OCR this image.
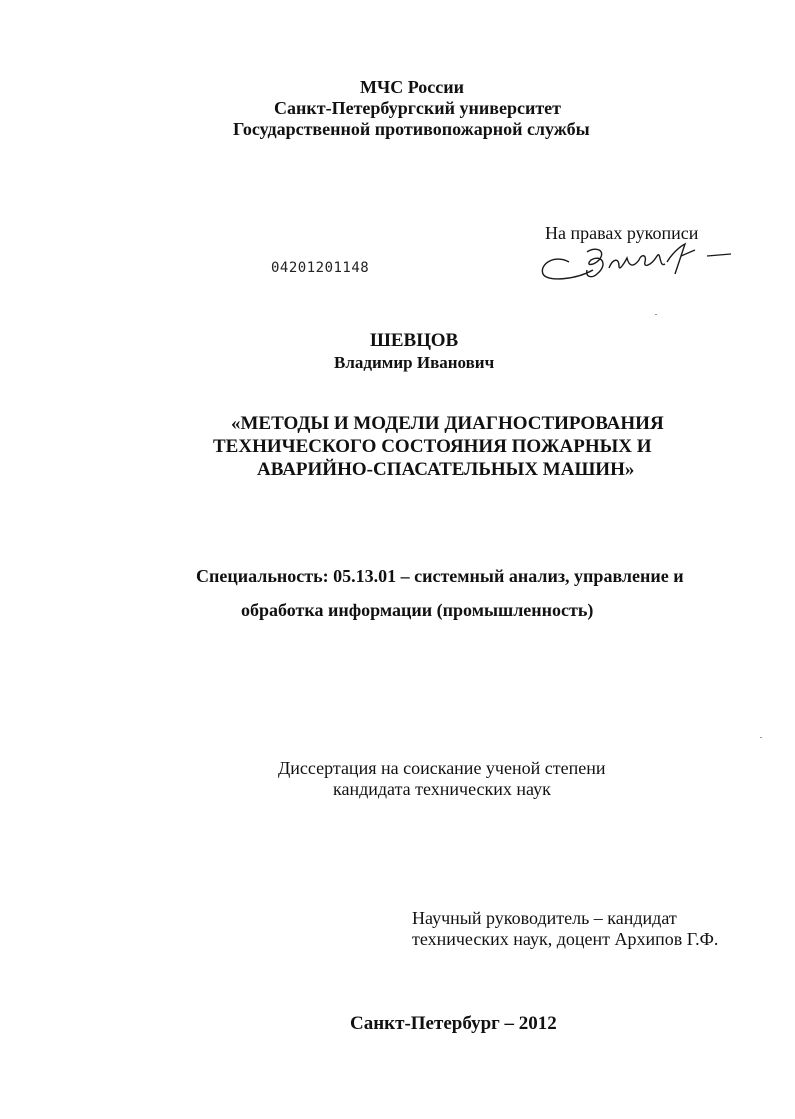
МЧС России
Санкт-Петербургский университет
Государственной противопожарной службы
На правах рукописи
04201201148
ШЕВЦОВ
Владимир Иванович
«МЕТОДЫ И МОДЕЛИ ДИАГНОСТИРОВАНИЯ
ТЕХНИЧЕСКОГО СОСТОЯНИЯ ПОЖАРНЫХ И
АВАРИЙНО-СПАСАТЕЛЬНЫХ МАШИН»
Специальность: 05.13.01 – системный анализ, управление и
обработка информации (промышленность)
Диссертация на соискание ученой степени
кандидата технических наук
Научный руководитель – кандидат
технических наук, доцент Архипов Г.Ф.
Санкт-Петербург – 2012
